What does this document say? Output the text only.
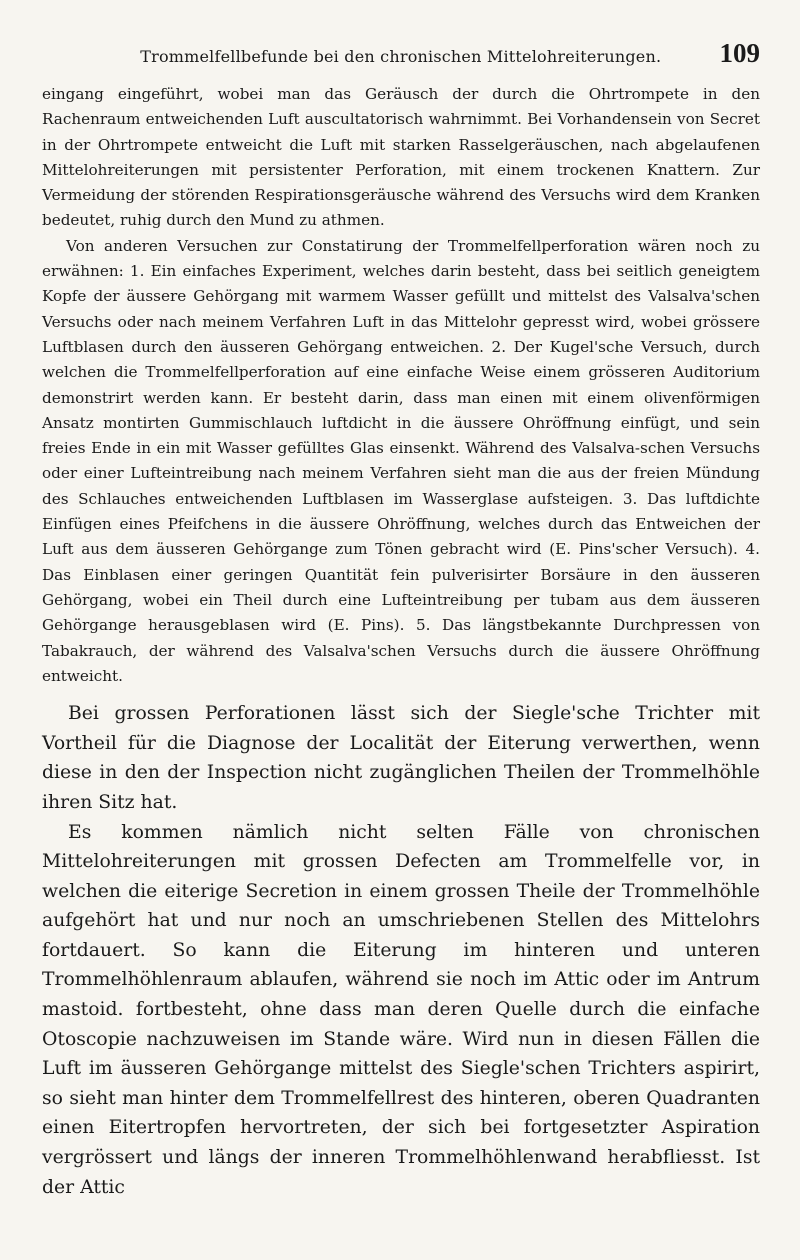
Trommelfellbefunde bei den chronischen Mittelohreiterungen.	109

eingang eingeführt, wobei man das Geräusch der durch die Ohrtrompete in den Rachenraum entweichenden Luft auscultatorisch wahrnimmt. Bei Vorhandensein von Secret in der Ohrtrompete entweicht die Luft mit starken Rasselgeräuschen, nach abgelaufenen Mittelohreiterungen mit persistenter Perforation, mit einem trockenen Knattern. Zur Vermeidung der störenden Respirationsgeräusche während des Versuchs wird dem Kranken bedeutet, ruhig durch den Mund zu athmen.

Von anderen Versuchen zur Constatirung der Trommelfellperforation wären noch zu erwähnen: 1. Ein einfaches Experiment, welches darin besteht, dass bei seitlich geneigtem Kopfe der äussere Gehörgang mit warmem Wasser gefüllt und mittelst des Valsalva'schen Versuchs oder nach meinem Verfahren Luft in das Mittelohr gepresst wird, wobei grössere Luftblasen durch den äusseren Gehörgang entweichen. 2. Der Kugel'sche Versuch, durch welchen die Trommelfellperforation auf eine einfache Weise einem grösseren Auditorium demonstrirt werden kann. Er besteht darin, dass man einen mit einem olivenförmigen Ansatz montirten Gummischlauch luftdicht in die äussere Ohröffnung einfügt, und sein freies Ende in ein mit Wasser gefülltes Glas einsenkt. Während des Valsalva-schen Versuchs oder einer Lufteintreibung nach meinem Verfahren sieht man die aus der freien Mündung des Schlauches entweichenden Luftblasen im Wasserglase aufsteigen. 3. Das luftdichte Einfügen eines Pfeifchens in die äussere Ohröffnung, welches durch das Entweichen der Luft aus dem äusseren Gehörgange zum Tönen gebracht wird (E. Pins'scher Versuch). 4. Das Einblasen einer geringen Quantität fein pulverisirter Borsäure in den äusseren Gehörgang, wobei ein Theil durch eine Lufteintreibung per tubam aus dem äusseren Gehörgange herausgeblasen wird (E. Pins). 5. Das längstbekannte Durchpressen von Tabakrauch, der während des Valsalva'schen Versuchs durch die äussere Ohröffnung entweicht.

Bei grossen Perforationen lässt sich der Siegle'sche Trichter mit Vortheil für die Diagnose der Localität der Eiterung verwerthen, wenn diese in den der Inspection nicht zugänglichen Theilen der Trommelhöhle ihren Sitz hat.

Es kommen nämlich nicht selten Fälle von chronischen Mittelohreiterungen mit grossen Defecten am Trommelfelle vor, in welchen die eiterige Secretion in einem grossen Theile der Trommelhöhle aufgehört hat und nur noch an umschriebenen Stellen des Mittelohrs fortdauert. So kann die Eiterung im hinteren und unteren Trommelhöhlenraum ablaufen, während sie noch im Attic oder im Antrum mastoid. fortbesteht, ohne dass man deren Quelle durch die einfache Otoscopie nachzuweisen im Stande wäre. Wird nun in diesen Fällen die Luft im äusseren Gehörgange mittelst des Siegle'schen Trichters aspirirt, so sieht man hinter dem Trommelfellrest des hinteren, oberen Quadranten einen Eitertropfen hervortreten, der sich bei fortgesetzter Aspiration vergrössert und längs der inneren Trommelhöhlenwand herabfliesst. Ist der Attic
